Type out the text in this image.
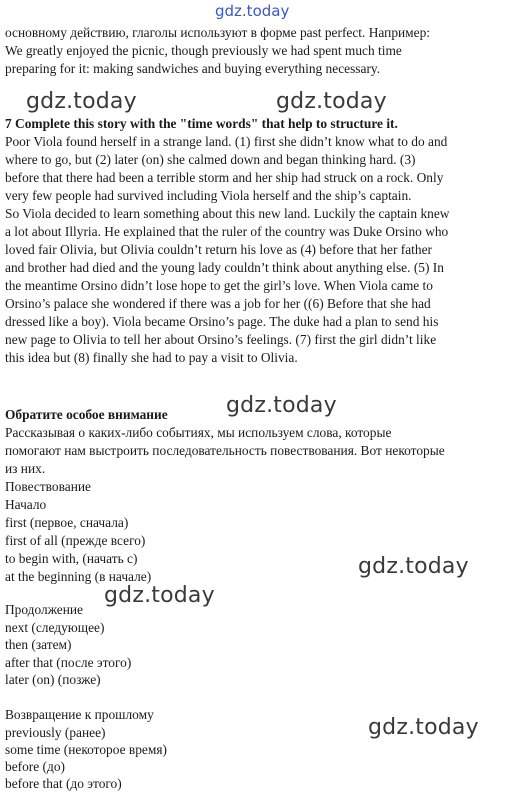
gdz.today
gdz.today	gdz.today
gdz.today
gdz.today
gdz.today
gdz.today
основному действию, глаголы используют в форме past perfect. Например:
We greatly enjoyed the picnic, though previously we had spent much time
preparing for it: making sandwiches and buying everything necessary.
7 Complete this story with the "time words" that help to structure it.
Poor Viola found herself in a strange land. (1) first she didn’t know what to do and
where to go, but (2) later (on) she calmed down and began thinking hard. (3)
before that there had been a terrible storm and her ship had struck on a rock. Only
very few people had survived including Viola herself and the ship’s captain.
So Viola decided to learn something about this new land. Luckily the captain knew
a lot about Illyria. He explained that the ruler of the country was Duke Orsino who
loved fair Olivia, but Olivia couldn’t return his love as (4) before that her father
and brother had died and the young lady couldn’t think about anything else. (5) In
the meantime Orsino didn’t lose hope to get the girl’s love. When Viola came to
Orsino’s palace she wondered if there was a job for her ((6) Before that she had
dressed like a boy). Viola became Orsino’s page. The duke had a plan to send his
new page to Olivia to tell her about Orsino’s feelings. (7) first the girl didn’t like
this idea but (8) finally she had to pay a visit to Olivia.
Обратите особое внимание
Рассказывая о каких-либо событиях, мы используем слова, которые
помогают нам выстроить последовательность повествования. Вот некоторые
из них.
Повествование
Начало
first (первое, сначала)
first of all (прежде всего)
to begin with, (начать с)
at the beginning (в начале)
Продолжение
next (следующее)
then (затем)
after that (после этого)
later (on) (позже)
Возвращение к прошлому
previously (ранее)
some time (некоторое время)
before (до)
before that (до этого)
